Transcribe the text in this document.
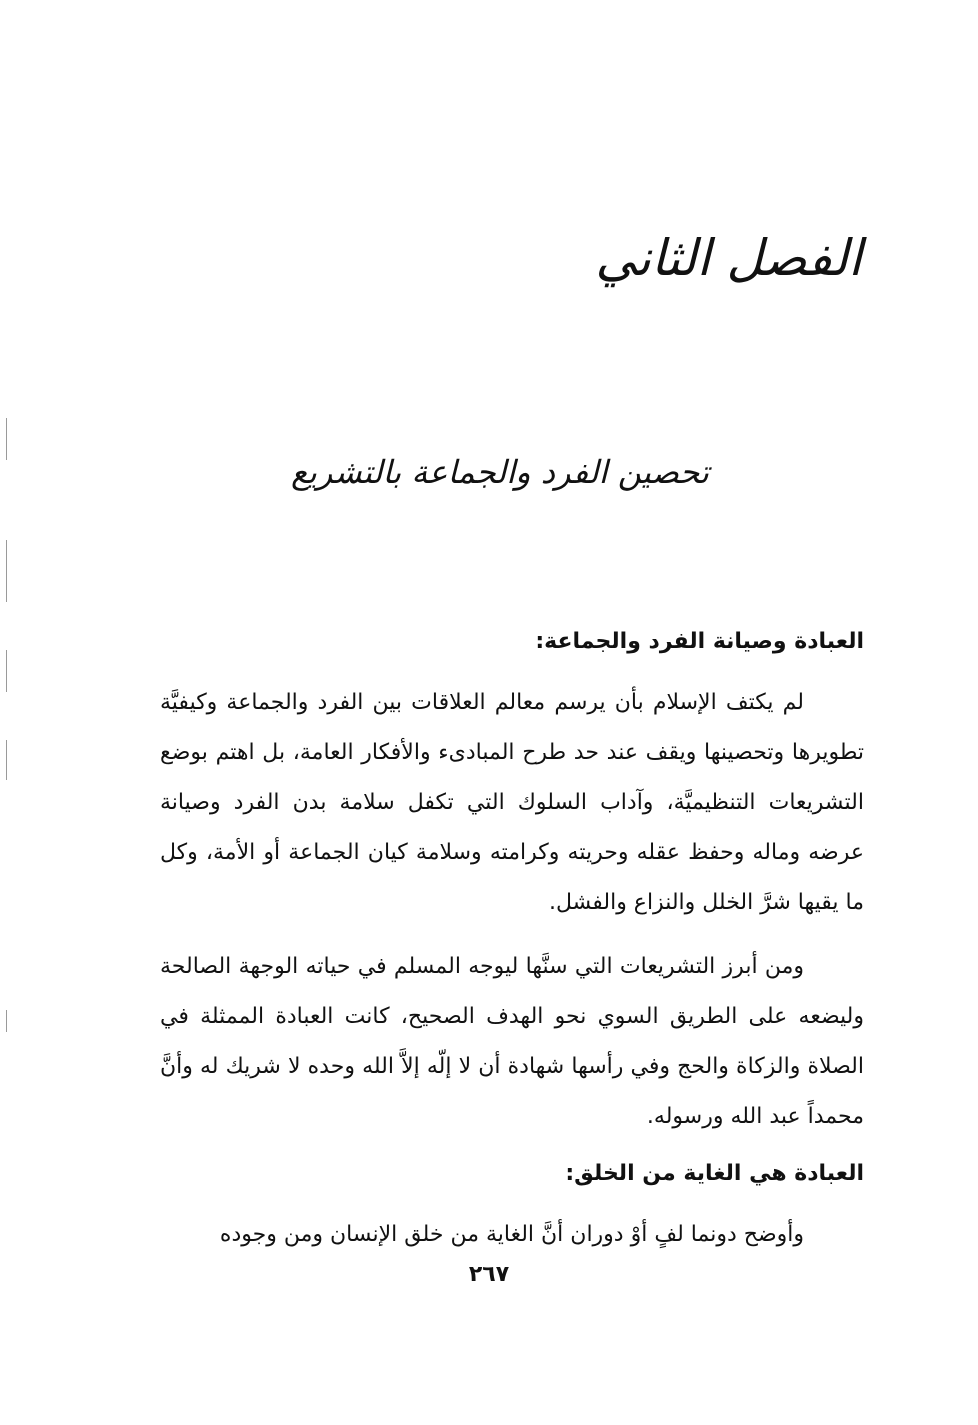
الفصل الثاني
تحصين الفرد والجماعة بالتشريع
العبادة وصيانة الفرد والجماعة:
لم يكتف الإسلام بأن يرسم معالم العلاقات بين الفرد والجماعة وكيفيَّة تطويرها وتحصينها ويقف عند حد طرح المبادىء والأفكار العامة، بل اهتم بوضع التشريعات التنظيميَّة، وآداب السلوك التي تكفل سلامة بدن الفرد وصيانة عرضه وماله وحفظ عقله وحريته وكرامته وسلامة كيان الجماعة أو الأمة، وكل ما يقيها شرَّ الخلل والنزاع والفشل.
ومن أبرز التشريعات التي سنَّها ليوجه المسلم في حياته الوجهة الصالحة وليضعه على الطريق السوي نحو الهدف الصحيح، كانت العبادة الممثلة في الصلاة والزكاة والحج وفي رأسها شهادة أن لا إلّه إلاَّ الله وحده لا شريك له وأنَّ محمداً عبد الله ورسوله.
العبادة هي الغاية من الخلق:
وأوضح دونما لفٍ أوْ دوران أنَّ الغاية من خلق الإنسان ومن وجوده
٢٦٧
